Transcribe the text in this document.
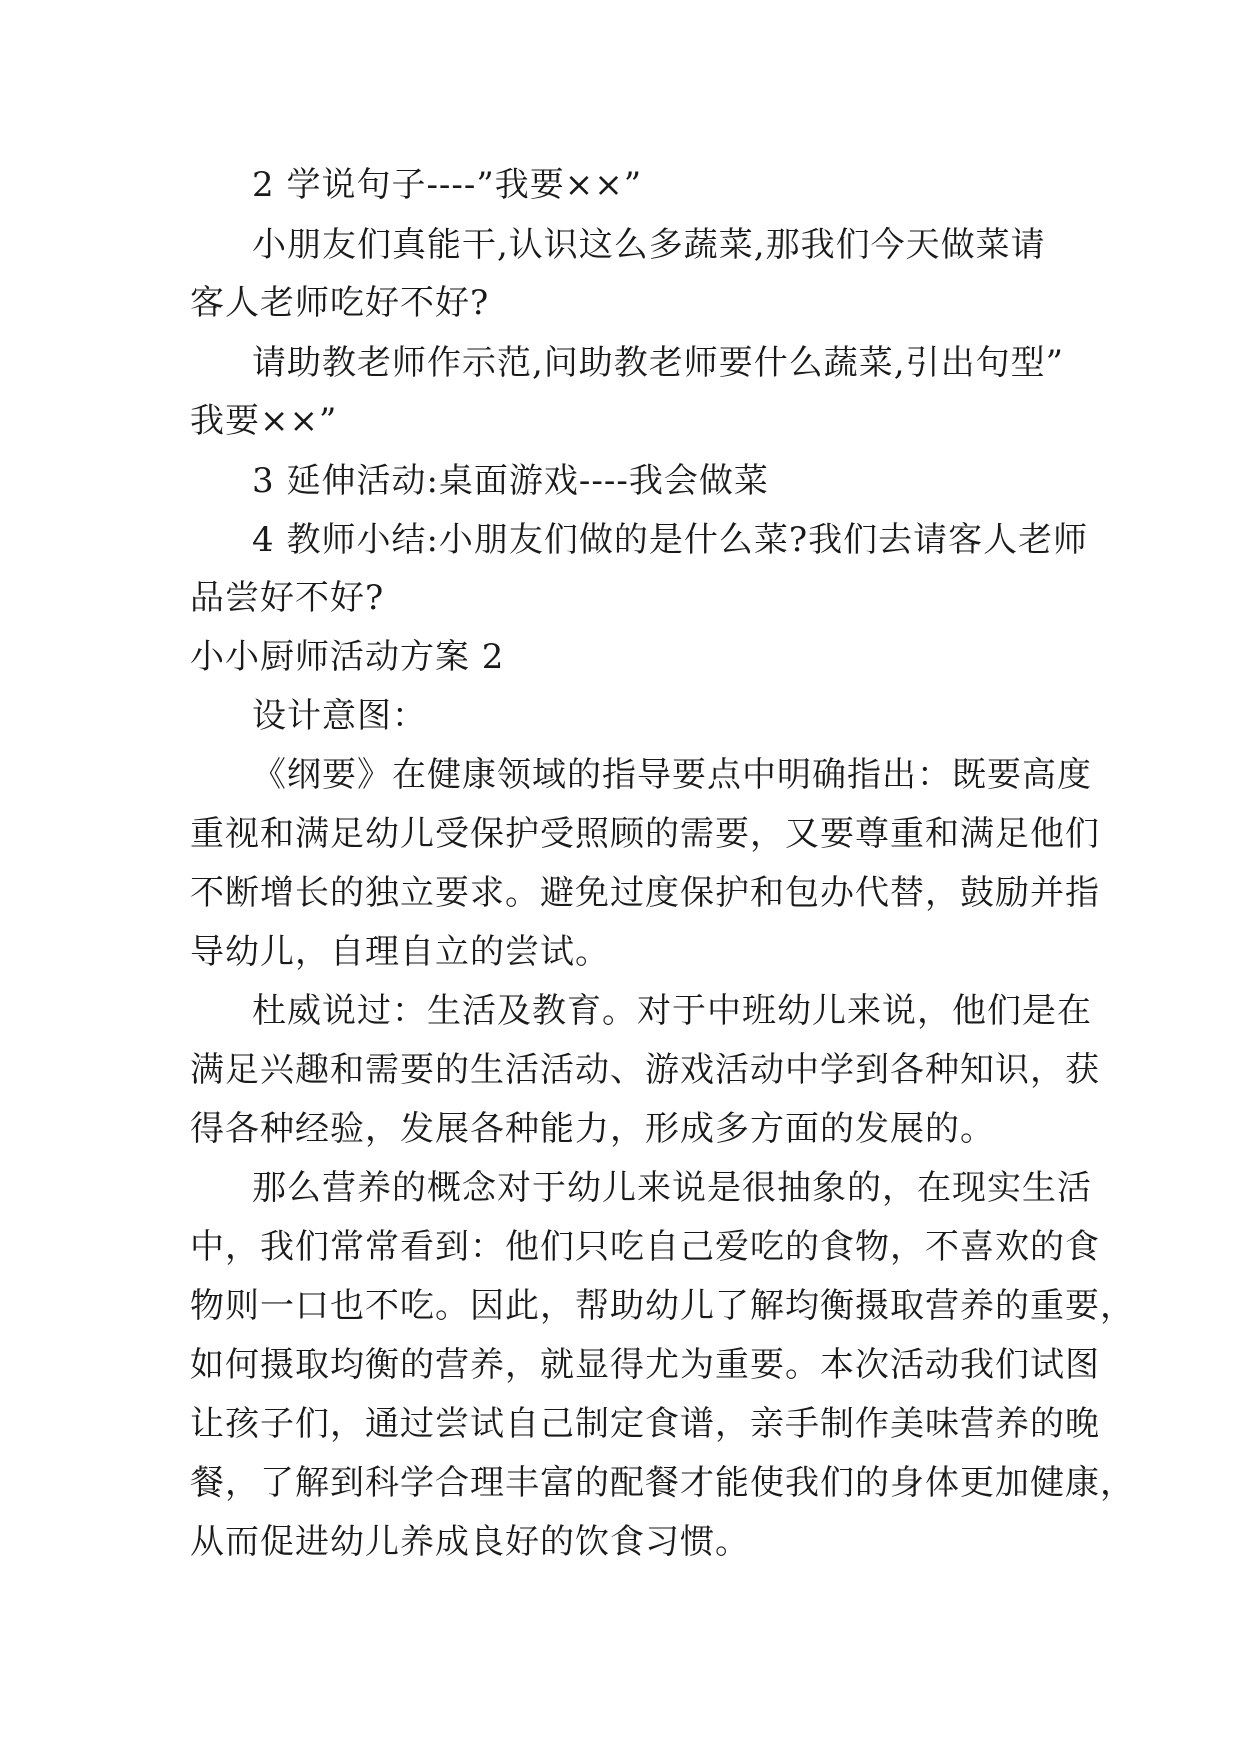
2 学说句子----”我要××”
小朋友们真能干,认识这么多蔬菜,那我们今天做菜请
客人老师吃好不好?
请助教老师作示范,问助教老师要什么蔬菜,引出句型”
我要××”
3 延伸活动:桌面游戏----我会做菜
4 教师小结:小朋友们做的是什么菜?我们去请客人老师
品尝好不好?
小小厨师活动方案 2
设计意图：
《纲要》在健康领域的指导要点中明确指出：既要高度
重视和满足幼儿受保护受照顾的需要，又要尊重和满足他们
不断增长的独立要求。避免过度保护和包办代替，鼓励并指
导幼儿，自理自立的尝试。
杜威说过：生活及教育。对于中班幼儿来说，他们是在
满足兴趣和需要的生活活动、游戏活动中学到各种知识，获
得各种经验，发展各种能力，形成多方面的发展的。
那么营养的概念对于幼儿来说是很抽象的，在现实生活
中，我们常常看到：他们只吃自己爱吃的食物，不喜欢的食
物则一口也不吃。因此，帮助幼儿了解均衡摄取营养的重要，
如何摄取均衡的营养，就显得尤为重要。本次活动我们试图
让孩子们，通过尝试自己制定食谱，亲手制作美味营养的晚
餐，了解到科学合理丰富的配餐才能使我们的身体更加健康，
从而促进幼儿养成良好的饮食习惯。
